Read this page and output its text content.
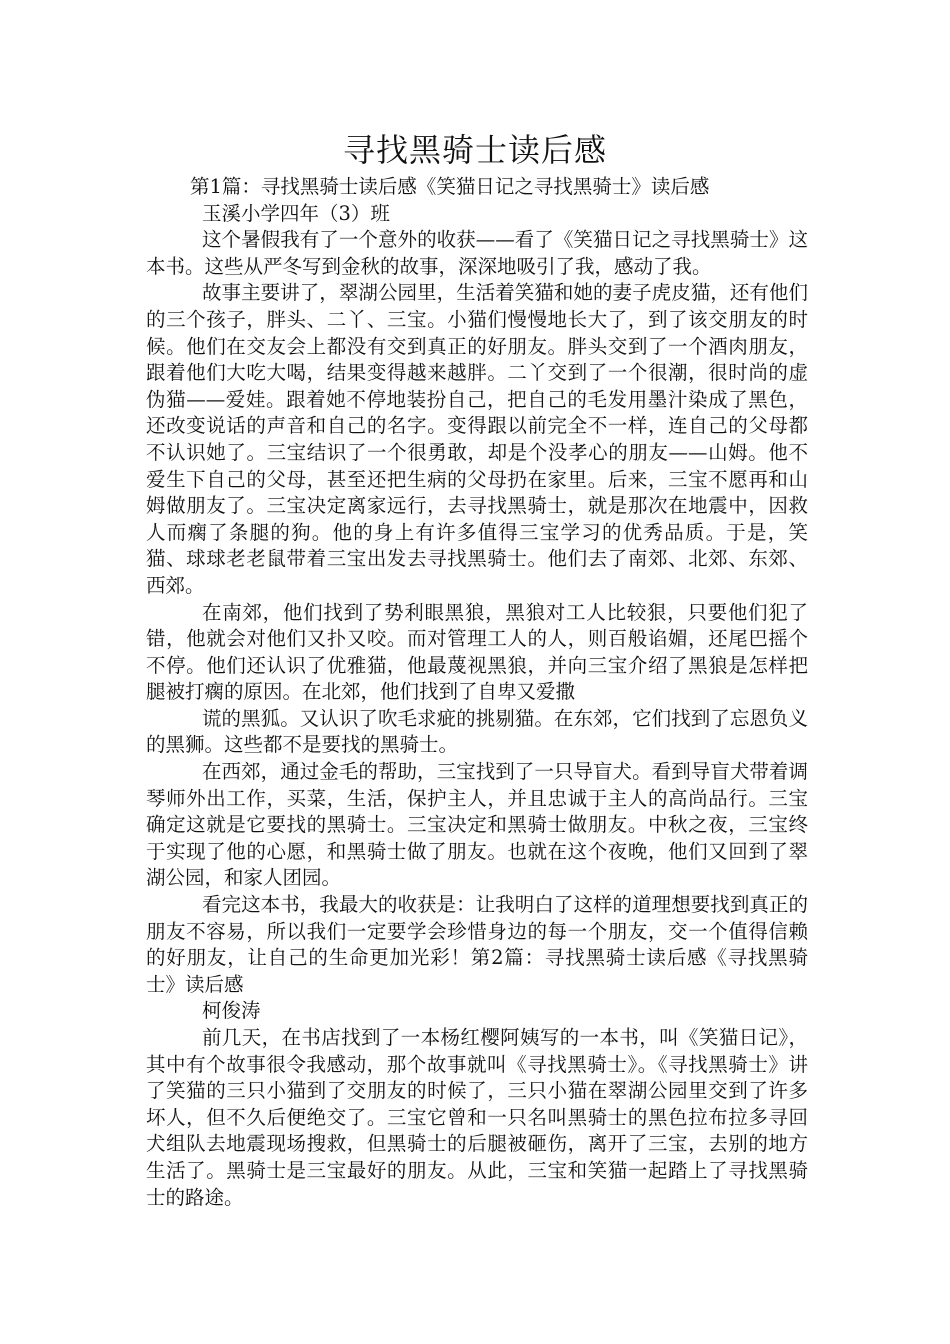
寻找黑骑士读后感

第1篇：寻找黑骑士读后感《笑猫日记之寻找黑骑士》读后感

玉溪小学四年（3）班

这个暑假我有了一个意外的收获——看了《笑猫日记之寻找黑骑士》这本书。这些从严冬写到金秋的故事，深深地吸引了我，感动了我。

故事主要讲了，翠湖公园里，生活着笑猫和她的妻子虎皮猫，还有他们的三个孩子，胖头、二丫、三宝。小猫们慢慢地长大了，到了该交朋友的时候。他们在交友会上都没有交到真正的好朋友。胖头交到了一个酒肉朋友，跟着他们大吃大喝，结果变得越来越胖。二丫交到了一个很潮，很时尚的虚伪猫——爱娃。跟着她不停地装扮自己，把自己的毛发用墨汁染成了黑色，还改变说话的声音和自己的名字。变得跟以前完全不一样，连自己的父母都不认识她了。三宝结识了一个很勇敢，却是个没孝心的朋友——山姆。他不爱生下自己的父母，甚至还把生病的父母扔在家里。后来，三宝不愿再和山姆做朋友了。三宝决定离家远行，去寻找黑骑士，就是那次在地震中，因救人而瘸了条腿的狗。他的身上有许多值得三宝学习的优秀品质。于是，笑猫、球球老老鼠带着三宝出发去寻找黑骑士。他们去了南郊、北郊、东郊、西郊。

在南郊，他们找到了势利眼黑狼，黑狼对工人比较狠，只要他们犯了错，他就会对他们又扑又咬。而对管理工人的人，则百般谄媚，还尾巴摇个不停。他们还认识了优雅猫，他最蔑视黑狼，并向三宝介绍了黑狼是怎样把腿被打瘸的原因。在北郊，他们找到了自卑又爱撒

谎的黑狐。又认识了吹毛求疵的挑剔猫。在东郊，它们找到了忘恩负义的黑狮。这些都不是要找的黑骑士。

在西郊，通过金毛的帮助，三宝找到了一只导盲犬。看到导盲犬带着调琴师外出工作，买菜，生活，保护主人，并且忠诚于主人的高尚品行。三宝确定这就是它要找的黑骑士。三宝决定和黑骑士做朋友。中秋之夜，三宝终于实现了他的心愿，和黑骑士做了朋友。也就在这个夜晚，他们又回到了翠湖公园，和家人团园。

看完这本书，我最大的收获是：让我明白了这样的道理想要找到真正的朋友不容易，所以我们一定要学会珍惜身边的每一个朋友，交一个值得信赖的好朋友，让自己的生命更加光彩！第2篇：寻找黑骑士读后感《寻找黑骑士》读后感

柯俊涛

前几天，在书店找到了一本杨红樱阿姨写的一本书，叫《笑猫日记》，其中有个故事很令我感动，那个故事就叫《寻找黑骑士》。《寻找黑骑士》讲了笑猫的三只小猫到了交朋友的时候了，三只小猫在翠湖公园里交到了许多坏人，但不久后便绝交了。三宝它曾和一只名叫黑骑士的黑色拉布拉多寻回犬组队去地震现场搜救，但黑骑士的后腿被砸伤，离开了三宝，去别的地方生活了。黑骑士是三宝最好的朋友。从此，三宝和笑猫一起踏上了寻找黑骑士的路途。
